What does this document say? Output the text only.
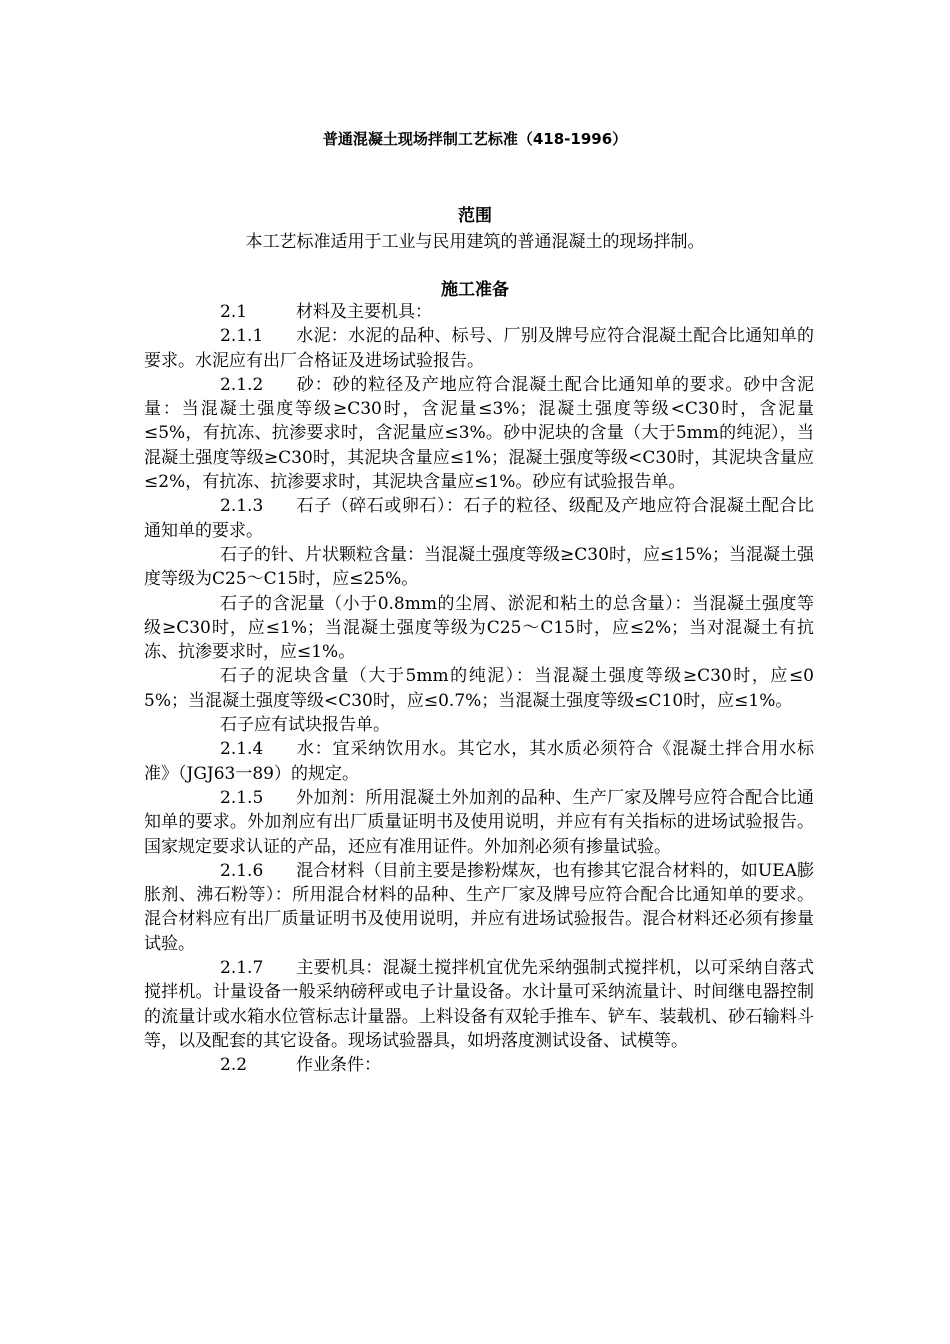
普通混凝土现场拌制工艺标准（418-1996）
范围
本工艺标准适用于工业与民用建筑的普通混凝土的现场拌制。
施工准备

2.1	材料及主要机具：

2.1.1 水泥：水泥的品种、标号、厂别及牌号应符合混凝土配合比通知单的要求。水泥应有出厂合格证及进场试验报告。

2.1.2 砂：砂的粒径及产地应符合混凝土配合比通知单的要求。砂中含泥量：当混凝土强度等级≥C30时，含泥量≤3%；混凝土强度等级<C30时，含泥量≤5%，有抗冻、抗渗要求时，含泥量应≤3%。砂中泥块的含量（大于5mm的纯泥），当混凝土强度等级≥C30时，其泥块含量应≤1%；混凝土强度等级<C30时，其泥块含量应≤2%，有抗冻、抗渗要求时，其泥块含量应≤1%。砂应有试验报告单。

2.1.3 石子（碎石或卵石）：石子的粒径、级配及产地应符合混凝土配合比通知单的要求。

石子的针、片状颗粒含量：当混凝土强度等级≥C30时，应≤15%；当混凝土强度等级为C25～C15时，应≤25%。

石子的含泥量（小于0.8mm的尘屑、淤泥和粘土的总含量）：当混凝土强度等级≥C30时，应≤1%；当混凝土强度等级为C25～C15时，应≤2%；当对混凝土有抗冻、抗渗要求时，应≤1%。

石子的泥块含量（大于5mm的纯泥）：当混凝土强度等级≥C30时，应≤0　5%；当混凝土强度等级<C30时，应≤0.7%；当混凝土强度等级≤C10时，应≤1%。

石子应有试块报告单。

2.1.4 水：宜采纳饮用水。其它水，其水质必须符合《混凝土拌合用水标准》（JGJ63一89）的规定。

2.1.5 外加剂：所用混凝土外加剂的品种、生产厂家及牌号应符合配合比通知单的要求。外加剂应有出厂质量证明书及使用说明，并应有有关指标的进场试验报告。国家规定要求认证的产品，还应有准用证件。外加剂必须有掺量试验。

2.1.6 混合材料（目前主要是掺粉煤灰，也有掺其它混合材料的，如UEA膨胀剂、沸石粉等）：所用混合材料的品种、生产厂家及牌号应符合配合比通知单的要求。混合材料应有出厂质量证明书及使用说明，并应有进场试验报告。混合材料还必须有掺量试验。

2.1.7 主要机具：混凝土搅拌机宜优先采纳强制式搅拌机，以可采纳自落式搅拌机。计量设备一般采纳磅秤或电子计量设备。水计量可采纳流量计、时间继电器控制的流量计或水箱水位管标志计量器。上料设备有双轮手推车、铲车、装载机、砂石输料斗等，以及配套的其它设备。现场试验器具，如坍落度测试设备、试模等。

2.2	作业条件：
